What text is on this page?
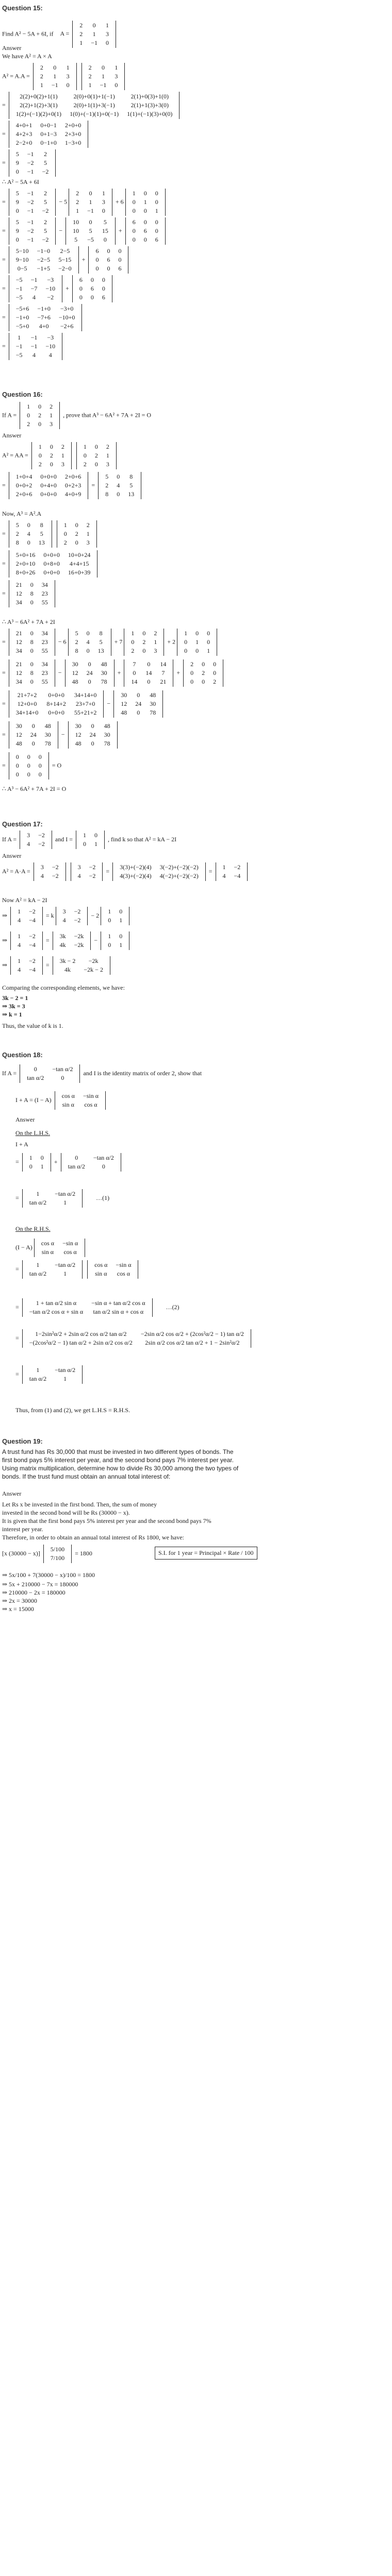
Question 15:
Find A² − 5A + 6I, if A =
2	0	1
2	1	3
1	−1	0
Answer
We have A² = A × A
A² = A.A =
2	0	1
2	1	3
1	−1	0

2	0	1
2	1	3
1	−1	0
=
2(2)+0(2)+1(1)	2(0)+0(1)+1(−1)	2(1)+0(3)+1(0)
2(2)+1(2)+3(1)	2(0)+1(1)+3(−1)	2(1)+1(3)+3(0)
1(2)+(−1)(2)+0(1)	1(0)+(−1)(1)+0(−1)	1(1)+(−1)(3)+0(0)
=
4+0+1	0+0−1	2+0+0
4+2+3	0+1−3	2+3+0
2−2+0	0−1+0	1−3+0
=
5	−1	2
9	−2	5
0	−1	−2
∴ A² − 5A + 6I
=
5	−1	2
9	−2	5
0	−1	−2
− 5
2	0	1
2	1	3
1	−1	0
+ 6
1	0	0
0	1	0
0	0	1
=
5	−1	2
9	−2	5
0	−1	−2
−
10	0	5
10	5	15
5	−5	0
+
6	0	0
0	6	0
0	0	6
=
5−10	−1−0	2−5
9−10	−2−5	5−15
0−5	−1+5	−2−0
+
6	0	0
0	6	0
0	0	6
=
−5	−1	−3
−1	−7	−10
−5	4	−2
+
6	0	0
0	6	0
0	0	6
=
−5+6	−1+0	−3+0
−1+0	−7+6	−10+0
−5+0	4+0	−2+6
=
1	−1	−3
−1	−1	−10
−5	4	4
Question 16:
If A =
1	0	2
0	2	1
2	0	3
, prove that A³ − 6A² + 7A + 2I = O
Answer
A² = AA =
1	0	2
0	2	1
2	0	3

1	0	2
0	2	1
2	0	3
=
1+0+4	0+0+0	2+0+6
0+0+2	0+4+0	0+2+3
2+0+6	0+0+0	4+0+9
=
5	0	8
2	4	5
8	0	13
Now, A³ = A².A
=
5	0	8
2	4	5
8	0	13

1	0	2
0	2	1
2	0	3
=
5+0+16	0+0+0	10+0+24
2+0+10	0+8+0	4+4+15
8+0+26	0+0+0	16+0+39
=
21	0	34
12	8	23
34	0	55
∴ A³ − 6A² + 7A + 2I
=
21	0	34
12	8	23
34	0	55
− 6
5	0	8
2	4	5
8	0	13
+ 7
1	0	2
0	2	1
2	0	3
+ 2
1	0	0
0	1	0
0	0	1
=
21	0	34
12	8	23
34	0	55
−
30	0	48
12	24	30
48	0	78
+
7	0	14
0	14	7
14	0	21
+
2	0	0
0	2	0
0	0	2
=
21+7+2	0+0+0	34+14+0
12+0+0	8+14+2	23+7+0
34+14+0	0+0+0	55+21+2
−
30	0	48
12	24	30
48	0	78
=
30	0	48
12	24	30
48	0	78
−
30	0	48
12	24	30
48	0	78
=
0	0	0
0	0	0
0	0	0
= O
∴ A³ − 6A² + 7A + 2I = O
Question 17:
If A =
3	−2
4	−2
and I =
1	0
0	1
, find k so that A² = kA − 2I
Answer
A² = A·A =
3	−2
4	−2

3	−2
4	−2
=
3(3)+(−2)(4)	3(−2)+(−2)(−2)
4(3)+(−2)(4)	4(−2)+(−2)(−2)
=
1	−2
4	−4
Now A² = kA − 2I
⇒
1	−2
4	−4
= k
3	−2
4	−2
− 2
1	0
0	1
⇒
1	−2
4	−4
=
3k	−2k
4k	−2k
−
1	0
0	1
⇒
1	−2
4	−4
=
3k − 2	−2k
4k	−2k − 2
Comparing the corresponding elements, we have:
3k − 2 = 1
⇒ 3k = 3
⇒ k = 1
Thus, the value of k is 1.
Question 18:
If A =
0	−tan α/2
tan α/2	0
and I is the identity matrix of order 2, show that
I + A = (I − A)
cos α	−sin α
sin α	cos α
Answer
On the L.H.S.
I + A
=
1	0
0	1
+
0	−tan α/2
tan α/2	0
=
1	−tan α/2
tan α/2	1
…(1)
On the R.H.S.
(I − A)
cos α	−sin α
sin α	cos α
=
1	−tan α/2
tan α/2	1

cos α	−sin α
sin α	cos α
=
1 + tan α/2 sin α	−sin α + tan α/2 cos α
−tan α/2 cos α + sin α	tan α/2 sin α + cos α
…(2)
=
1−2sin²α/2 + 2sin α/2 cos α/2 tan α/2	−2sin α/2 cos α/2 + (2cos²α/2 − 1) tan α/2
−(2cos²α/2 − 1) tan α/2 + 2sin α/2 cos α/2	2sin α/2 cos α/2 tan α/2 + 1 − 2sin²α/2
=
1	−tan α/2
tan α/2	1
Thus, from (1) and (2), we get L.H.S = R.H.S.
Question 19:
A trust fund has Rs 30,000 that must be invested in two different types of bonds. The
first bond pays 5% interest per year, and the second bond pays 7% interest per year.
Using matrix multiplication, determine how to divide Rs 30,000 among the two types of
bonds. If the trust fund must obtain an annual total interest of:
Answer
Let Rs x be invested in the first bond. Then, the sum of money
invested in the second bond will be Rs (30000 − x).
It is given that the first bond pays 5% interest per year and the second bond pays 7%
interest per year.
Therefore, in order to obtain an annual total interest of Rs 1800, we have:
[x (30000 − x)]
5/100
7/100
= 1800	S.I. for 1 year = Principal × Rate / 100
⇒ 5x/100 + 7(30000 − x)/100 = 1800
⇒ 5x + 210000 − 7x = 180000
⇒ 210000 − 2x = 180000
⇒ 2x = 30000
⇒ x = 15000
